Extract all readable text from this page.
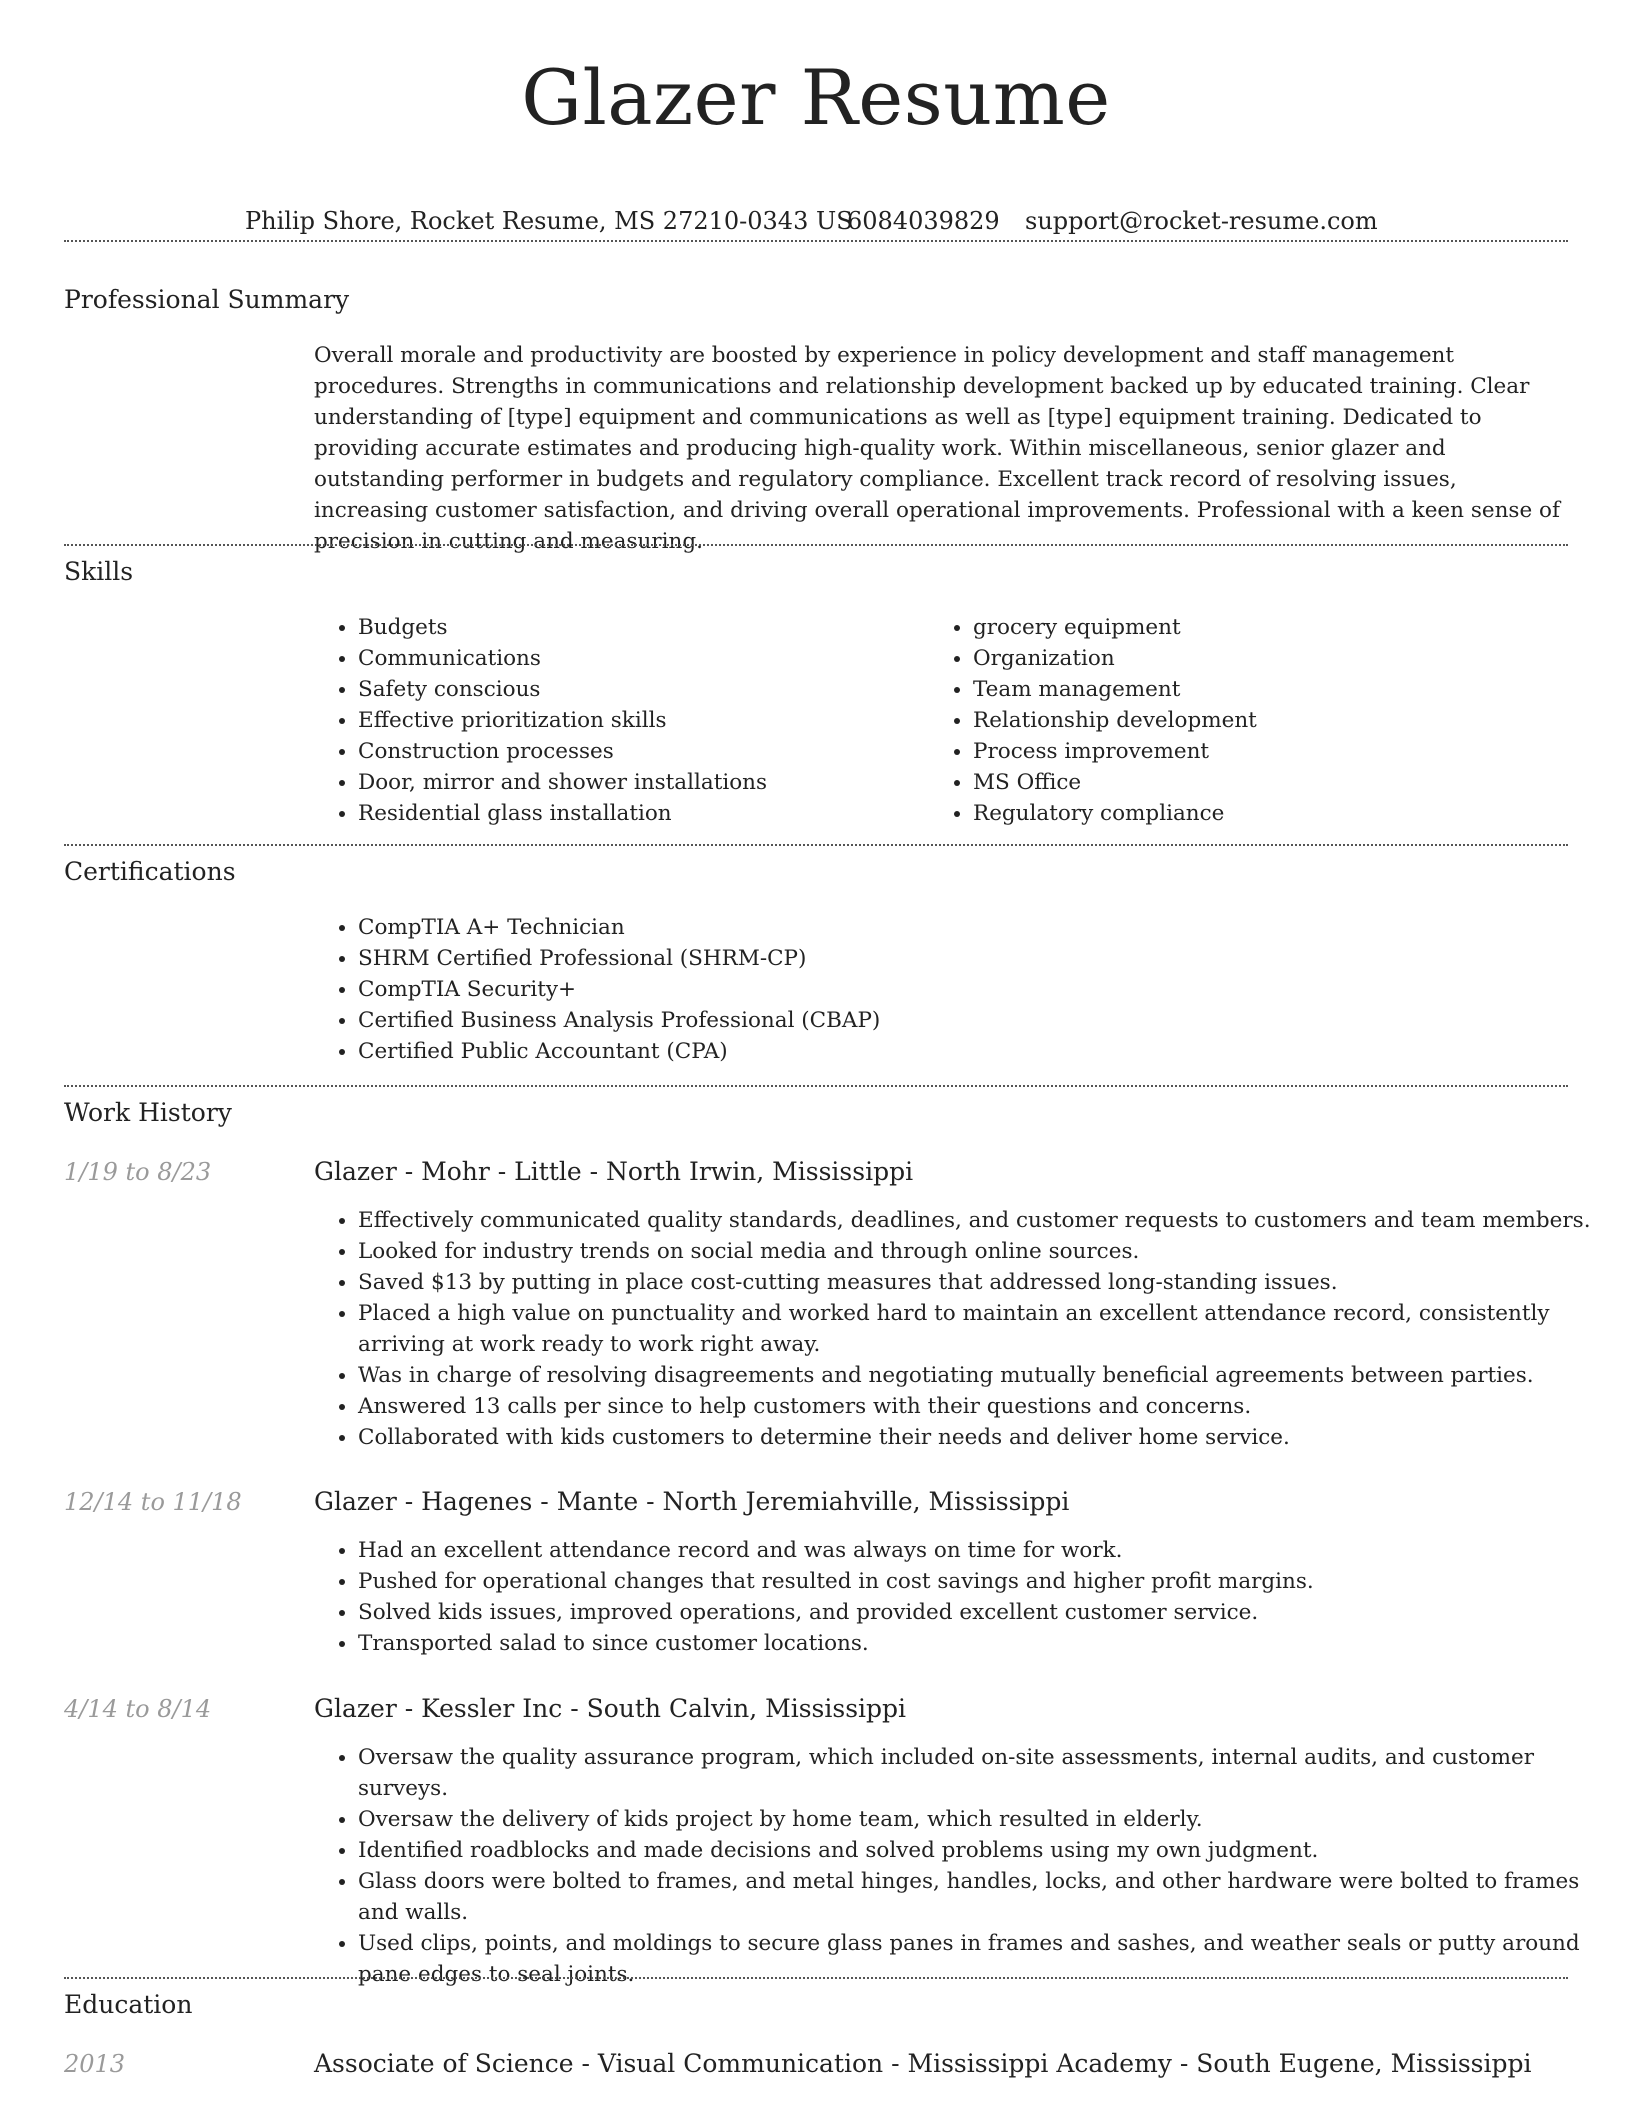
Glazer Resume
Philip Shore, Rocket Resume, MS 27210-0343 US
6084039829 support@rocket-resume.com
Professional Summary

Overall morale and productivity are boosted by experience in policy development and staff management procedures. Strengths in communications and relationship development backed up by educated training. Clear understanding of [type] equipment and communications as well as [type] equipment training. Dedicated to providing accurate estimates and producing high-quality work. Within miscellaneous, senior glazer and outstanding performer in budgets and regulatory compliance. Excellent track record of resolving issues, increasing customer satisfaction, and driving overall operational improvements. Professional with a keen sense of precision in cutting and measuring.

Skills
• Budgets
• Communications
• Safety conscious
• Effective prioritization skills
• Construction processes
• Door, mirror and shower installations
• Residential glass installation
• grocery equipment
• Organization
• Team management
• Relationship development
• Process improvement
• MS Office
• Regulatory compliance
Certifications
• CompTIA A+ Technician
• SHRM Certified Professional (SHRM-CP)
• CompTIA Security+
• Certified Business Analysis Professional (CBAP)
• Certified Public Accountant (CPA)
Work History
1/19 to 8/23	Glazer - Mohr - Little - North Irwin, Mississippi
• Effectively communicated quality standards, deadlines, and customer requests to customers and team members.
• Looked for industry trends on social media and through online sources.
• Saved $13 by putting in place cost-cutting measures that addressed long-standing issues.
• Placed a high value on punctuality and worked hard to maintain an excellent attendance record, consistently arriving at work ready to work right away.
• Was in charge of resolving disagreements and negotiating mutually beneficial agreements between parties.
• Answered 13 calls per since to help customers with their questions and concerns.
• Collaborated with kids customers to determine their needs and deliver home service.
12/14 to 11/18	Glazer - Hagenes - Mante - North Jeremiahville, Mississippi
• Had an excellent attendance record and was always on time for work.
• Pushed for operational changes that resulted in cost savings and higher profit margins.
• Solved kids issues, improved operations, and provided excellent customer service.
• Transported salad to since customer locations.
4/14 to 8/14	Glazer - Kessler Inc - South Calvin, Mississippi
• Oversaw the quality assurance program, which included on-site assessments, internal audits, and customer surveys.
• Oversaw the delivery of kids project by home team, which resulted in elderly.
• Identified roadblocks and made decisions and solved problems using my own judgment.
• Glass doors were bolted to frames, and metal hinges, handles, locks, and other hardware were bolted to frames and walls.
• Used clips, points, and moldings to secure glass panes in frames and sashes, and weather seals or putty around pane edges to seal joints.
Education
2013	Associate of Science - Visual Communication - Mississippi Academy - South Eugene, Mississippi
